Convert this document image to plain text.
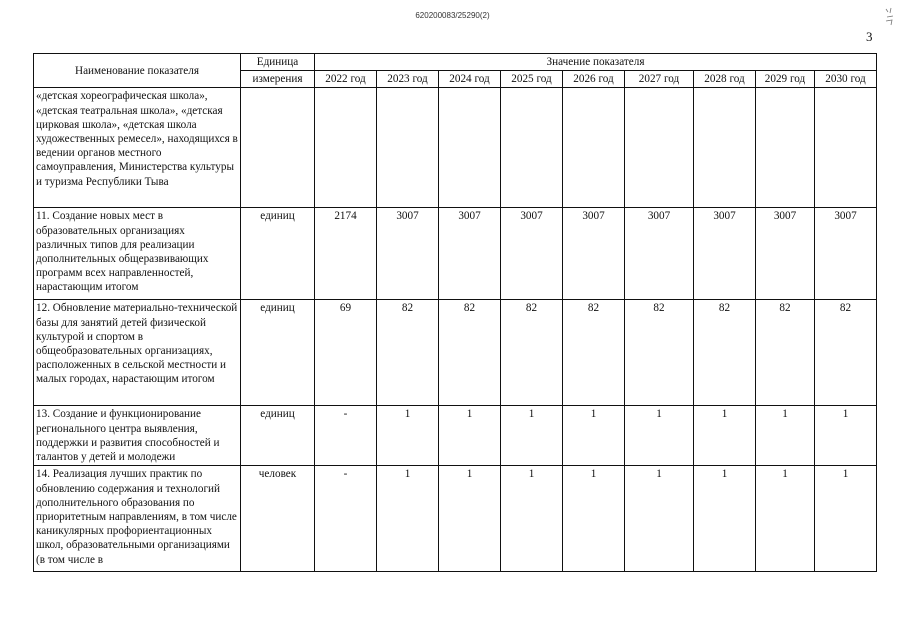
620200083/25290(2)
3
Наименование показателя	Единица	Значение показателя								
	измерения	2022 год	2023 год	2024 год	2025 год	2026 год	2027 год	2028 год	2029 год	2030 год
«детская хореографическая школа», «детская театральная школа», «детская цирковая школа», «детская школа художественных ремесел», находящихся в ведении органов местного самоуправления, Министерства культуры и туризма Республики Тыва										
11. Создание новых мест в образовательных организациях различных типов для реализации дополнительных общеразвивающих программ всех направленностей, нарастающим итогом	единиц	2174	3007	3007	3007	3007	3007	3007	3007	3007
12. Обновление материально-технической базы для занятий детей физической культурой и спортом в общеобразовательных организациях, расположенных в сельской местности и малых городах, нарастающим итогом	единиц	69	82	82	82	82	82	82	82	82
13. Создание и функционирование регионального центра выявления, поддержки и развития способностей и талантов у детей и молодежи	единиц	-	1	1	1	1	1	1	1	1
14. Реализация лучших практик по обновлению содержания и технологий дополнительного образования по приоритетным направлениям, в том числе каникулярных профориентационных школ, образовательными организациями (в том числе в	человек	-	1	1	1	1	1	1	1	1
